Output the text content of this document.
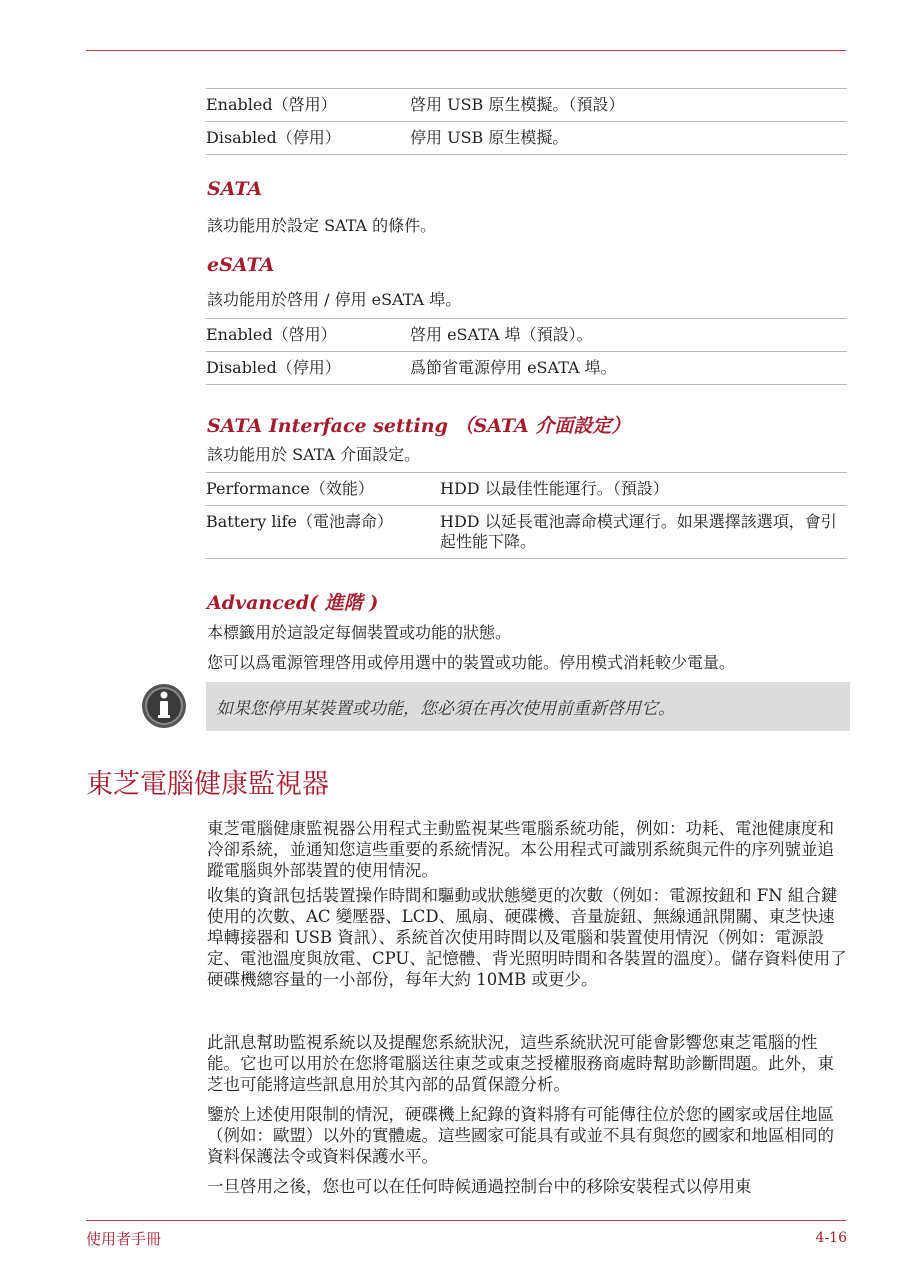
Enabled（啓用）	啓用 USB 原生模擬。（預設）
Disabled（停用）	停用 USB 原生模擬。
SATA

該功能用於設定 SATA 的條件。

eSATA

該功能用於啓用 / 停用 eSATA 埠。

Enabled（啓用）	啓用 eSATA 埠（預設）。
Disabled（停用）	爲節省電源停用 eSATA 埠。
SATA Interface setting （SATA 介面設定）

該功能用於 SATA 介面設定。

Performance（效能）	HDD 以最佳性能運行。（預設）
Battery life（電池壽命）	HDD 以延長電池壽命模式運行。如果選擇該選項，會引起性能下降。
Advanced( 進階 )

本標籤用於這設定每個裝置或功能的狀態。

您可以爲電源管理啓用或停用選中的裝置或功能。停用模式消耗較少電量。

如果您停用某裝置或功能，您必須在再次使用前重新啓用它。
東芝電腦健康監視器

東芝電腦健康監視器公用程式主動監視某些電腦系統功能，例如：功耗、電池健康度和冷卻系統，並通知您這些重要的系統情況。本公用程式可識別系統與元件的序列號並追蹤電腦與外部裝置的使用情況。

收集的資訊包括裝置操作時間和驅動或狀態變更的次數（例如：電源按鈕和 FN 組合鍵使用的次數、AC 變壓器、LCD、風扇、硬碟機、音量旋鈕、無線通訊開關、東芝快速埠轉接器和 USB 資訊）、系統首次使用時間以及電腦和裝置使用情況（例如：電源設定、電池溫度與放電、CPU、記憶體、背光照明時間和各裝置的溫度）。儲存資料使用了硬碟機總容量的一小部份，每年大約 10MB 或更少。

此訊息幫助監視系統以及提醒您系統狀況，這些系統狀況可能會影響您東芝電腦的性能。它也可以用於在您將電腦送往東芝或東芝授權服務商處時幫助診斷問題。此外，東芝也可能將這些訊息用於其內部的品質保證分析。

鑒於上述使用限制的情況，硬碟機上紀錄的資料將有可能傳往位於您的國家或居住地區（例如：歐盟）以外的實體處。這些國家可能具有或並不具有與您的國家和地區相同的資料保護法令或資料保護水平。

一旦啓用之後，您也可以在任何時候通過控制台中的移除安裝程式以停用東

使用者手冊	4-16
